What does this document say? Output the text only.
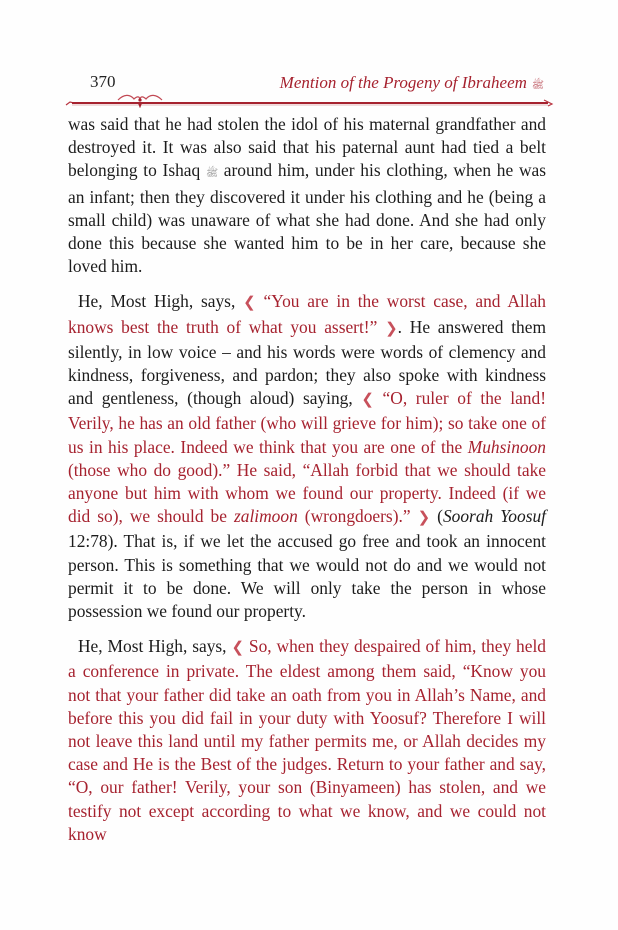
370	Mention of the Progeny of Ibraheem ﷺ

was said that he had stolen the idol of his maternal grandfather and destroyed it. It was also said that his paternal aunt had tied a belt belonging to Ishaq ﷺ around him, under his clothing, when he was an infant; then they discovered it under his clothing and he (being a small child) was unaware of what she had done. And she had only done this because she wanted him to be in her care, because she loved him.

He, Most High, says, ❮ “You are in the worst case, and Allah knows best the truth of what you assert!” ❯. He answered them silently, in low voice – and his words were words of clemency and kindness, forgiveness, and pardon; they also spoke with kindness and gentleness, (though aloud) saying, ❮ “O, ruler of the land! Verily, he has an old father (who will grieve for him); so take one of us in his place. Indeed we think that you are one of the Muhsinoon (those who do good).” He said, “Allah forbid that we should take anyone but him with whom we found our property. Indeed (if we did so), we should be zalimoon (wrongdoers).” ❯ (Soorah Yoosuf 12:78). That is, if we let the accused go free and took an innocent person. This is something that we would not do and we would not permit it to be done. We will only take the person in whose possession we found our property.

He, Most High, says, ❮ So, when they despaired of him, they held a conference in private. The eldest among them said, “Know you not that your father did take an oath from you in Allah’s Name, and before this you did fail in your duty with Yoosuf? Therefore I will not leave this land until my father permits me, or Allah decides my case and He is the Best of the judges. Return to your father and say, “O, our father! Verily, your son (Binyameen) has stolen, and we testify not except according to what we know, and we could not know
